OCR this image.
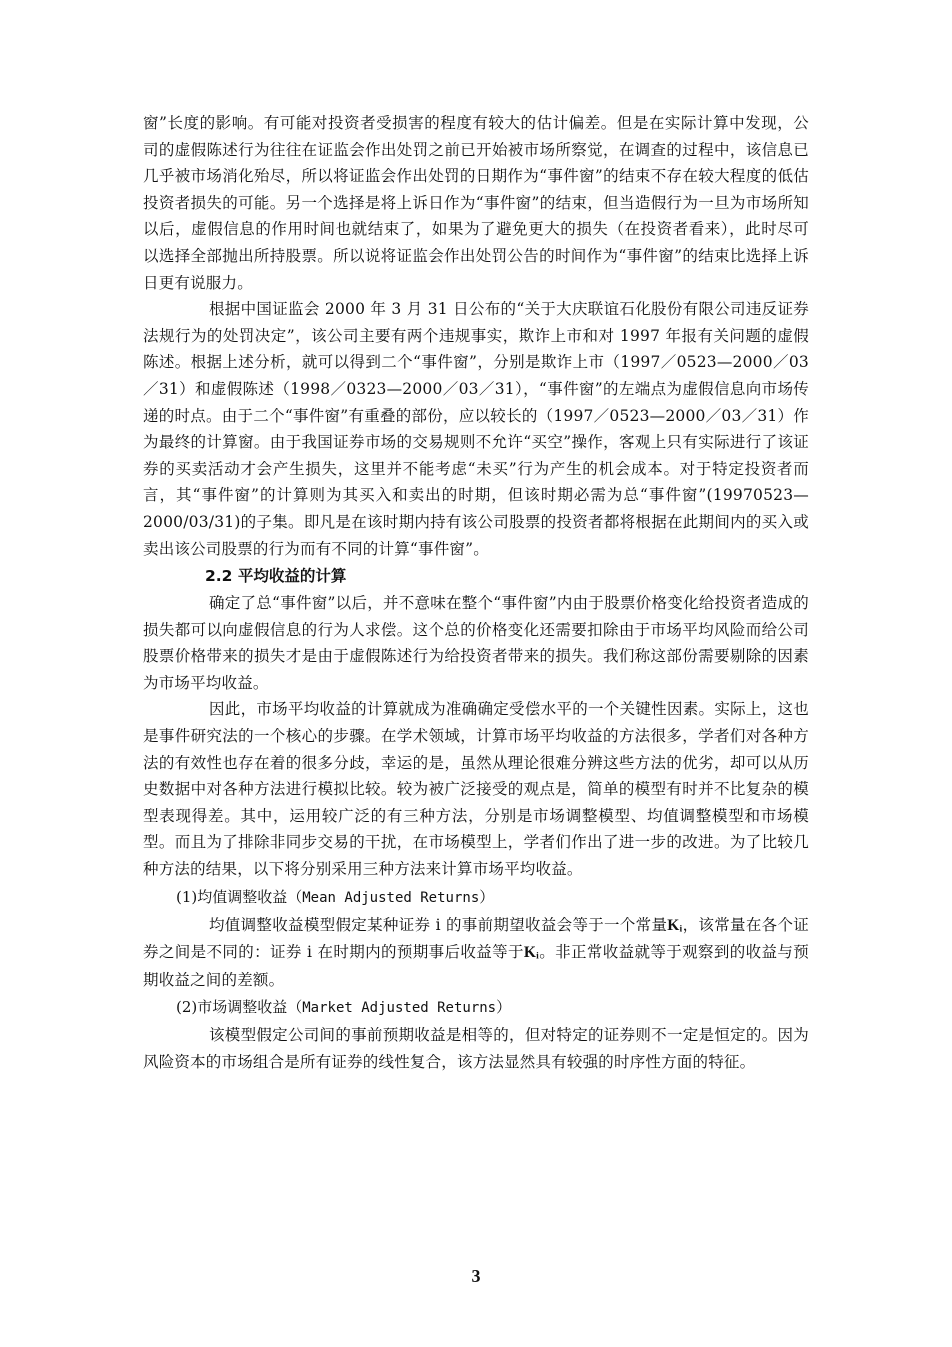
窗”长度的影响。有可能对投资者受损害的程度有较大的估计偏差。但是在实际计算中发现，公司的虚假陈述行为往往在证监会作出处罚之前已开始被市场所察觉，在调查的过程中，该信息已几乎被市场消化殆尽，所以将证监会作出处罚的日期作为“事件窗”的结束不存在较大程度的低估投资者损失的可能。另一个选择是将上诉日作为“事件窗”的结束，但当造假行为一旦为市场所知以后，虚假信息的作用时间也就结束了，如果为了避免更大的损失（在投资者看来），此时尽可以选择全部抛出所持股票。所以说将证监会作出处罚公告的时间作为“事件窗”的结束比选择上诉日更有说服力。

根据中国证监会 2000 年 3 月 31 日公布的“关于大庆联谊石化股份有限公司违反证券法规行为的处罚决定”，该公司主要有两个违规事实，欺诈上市和对 1997 年报有关问题的虚假陈述。根据上述分析，就可以得到二个“事件窗”，分别是欺诈上市（1997／0523—2000／03／31）和虚假陈述（1998／0323—2000／03／31），“事件窗”的左端点为虚假信息向市场传递的时点。由于二个“事件窗”有重叠的部份，应以较长的（1997／0523—2000／03／31）作为最终的计算窗。由于我国证券市场的交易规则不允许“买空”操作，客观上只有实际进行了该证券的买卖活动才会产生损失，这里并不能考虑“未买”行为产生的机会成本。对于特定投资者而言，其“事件窗”的计算则为其买入和卖出的时期，但该时期必需为总“事件窗”(19970523—2000/03/31)的子集。即凡是在该时期内持有该公司股票的投资者都将根据在此期间内的买入或卖出该公司股票的行为而有不同的计算“事件窗”。

2.2 平均收益的计算

确定了总“事件窗”以后，并不意味在整个“事件窗”内由于股票价格变化给投资者造成的损失都可以向虚假信息的行为人求偿。这个总的价格变化还需要扣除由于市场平均风险而给公司股票价格带来的损失才是由于虚假陈述行为给投资者带来的损失。我们称这部份需要剔除的因素为市场平均收益。

因此，市场平均收益的计算就成为准确确定受偿水平的一个关键性因素。实际上，这也是事件研究法的一个核心的步骤。在学术领域，计算市场平均收益的方法很多，学者们对各种方法的有效性也存在着的很多分歧，幸运的是，虽然从理论很难分辨这些方法的优劣，却可以从历史数据中对各种方法进行模拟比较。较为被广泛接受的观点是，简单的模型有时并不比复杂的模型表现得差。其中，运用较广泛的有三种方法，分别是市场调整模型、均值调整模型和市场模型。而且为了排除非同步交易的干扰，在市场模型上，学者们作出了进一步的改进。为了比较几种方法的结果，以下将分别采用三种方法来计算市场平均收益。

(1)均值调整收益（Mean Adjusted Returns）

均值调整收益模型假定某种证券 i 的事前期望收益会等于一个常量Kᵢ，该常量在各个证券之间是不同的：证券 i 在时期内的预期事后收益等于Kᵢ。非正常收益就等于观察到的收益与预期收益之间的差额。

(2)市场调整收益（Market Adjusted Returns）

该模型假定公司间的事前预期收益是相等的，但对特定的证券则不一定是恒定的。因为风险资本的市场组合是所有证券的线性复合，该方法显然具有较强的时序性方面的特征。

3
